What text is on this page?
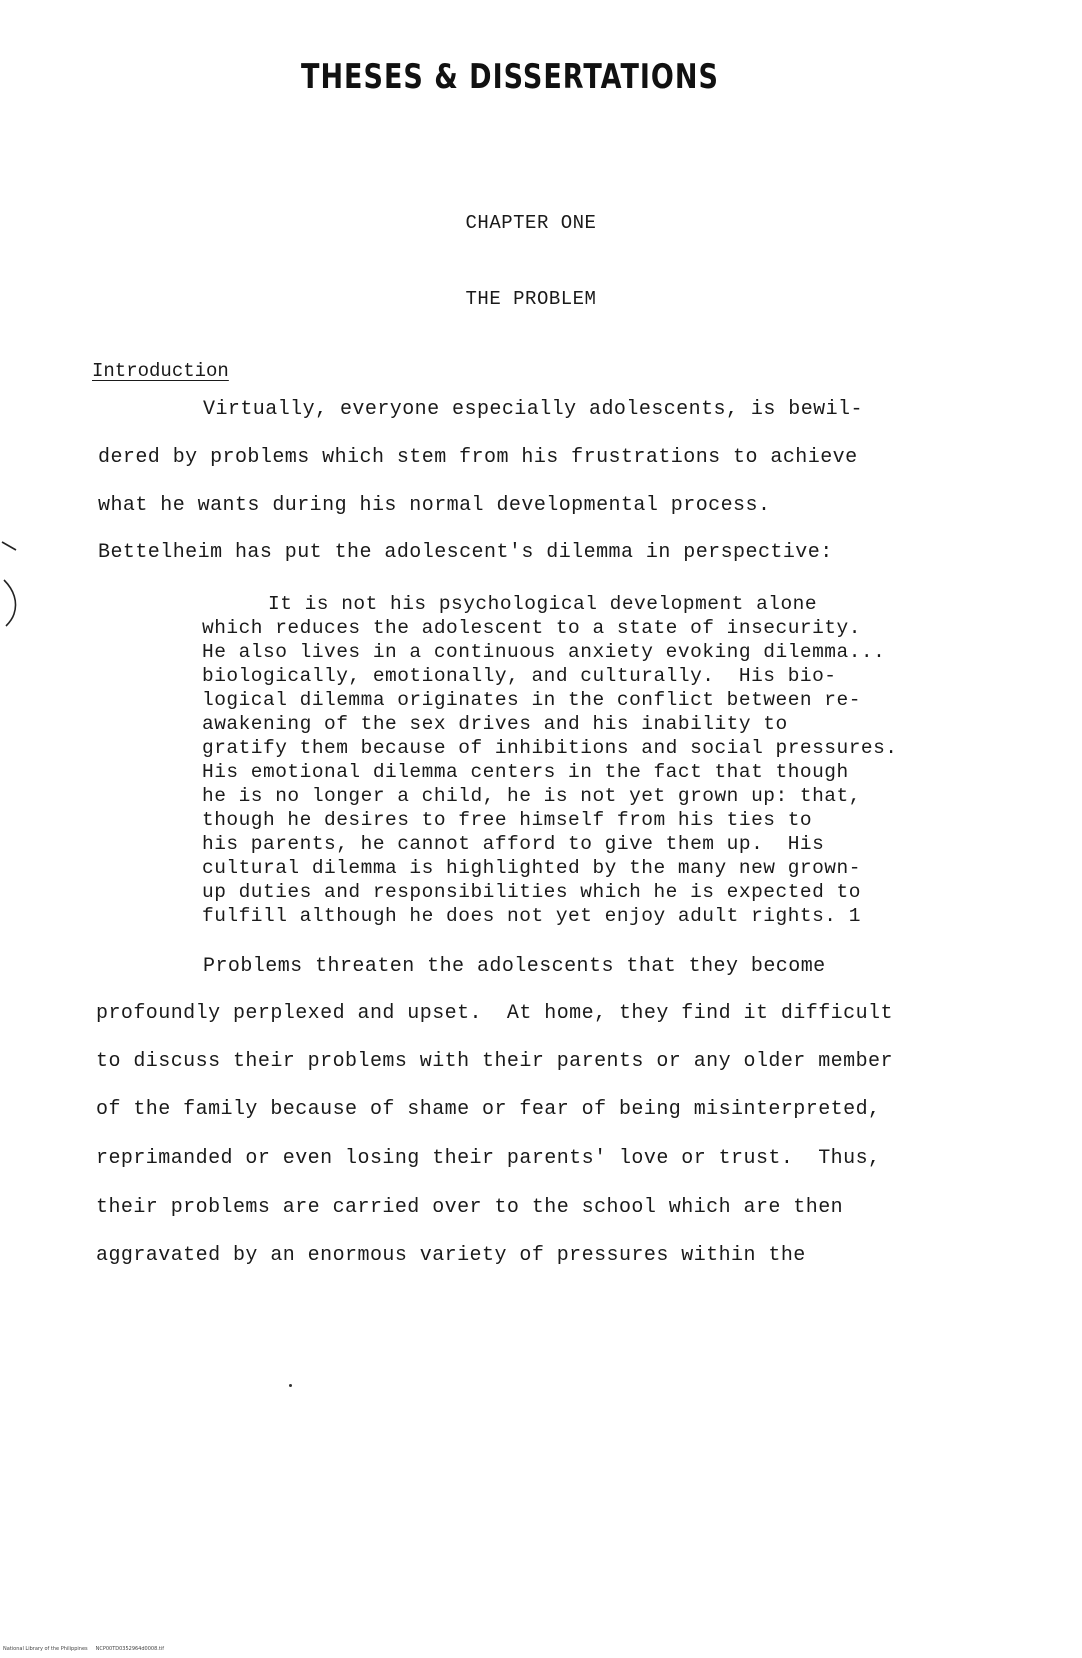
THESES & DISSERTATIONS
CHAPTER ONE
THE PROBLEM
Introduction
Virtually, everyone especially adolescents, is bewil-
dered by problems which stem from his frustrations to achieve
what he wants during his normal developmental process.
Bettelheim has put the adolescent's dilemma in perspective:
It is not his psychological development alone
which reduces the adolescent to a state of insecurity.
He also lives in a continuous anxiety evoking dilemma...
biologically, emotionally, and culturally.  His bio-
logical dilemma originates in the conflict between re-
awakening of the sex drives and his inability to
gratify them because of inhibitions and social pressures.
His emotional dilemma centers in the fact that though
he is no longer a child, he is not yet grown up: that,
though he desires to free himself from his ties to
his parents, he cannot afford to give them up.  His
cultural dilemma is highlighted by the many new grown-
up duties and responsibilities which he is expected to
fulfill although he does not yet enjoy adult rights. 1
Problems threaten the adolescents that they become
profoundly perplexed and upset.  At home, they find it difficult
to discuss their problems with their parents or any older member
of the family because of shame or fear of being misinterpreted,
reprimanded or even losing their parents' love or trust.  Thus,
their problems are carried over to the school which are then
aggravated by an enormous variety of pressures within the
National Library of the Philippines     NCP00TD0352964d0008.tif
